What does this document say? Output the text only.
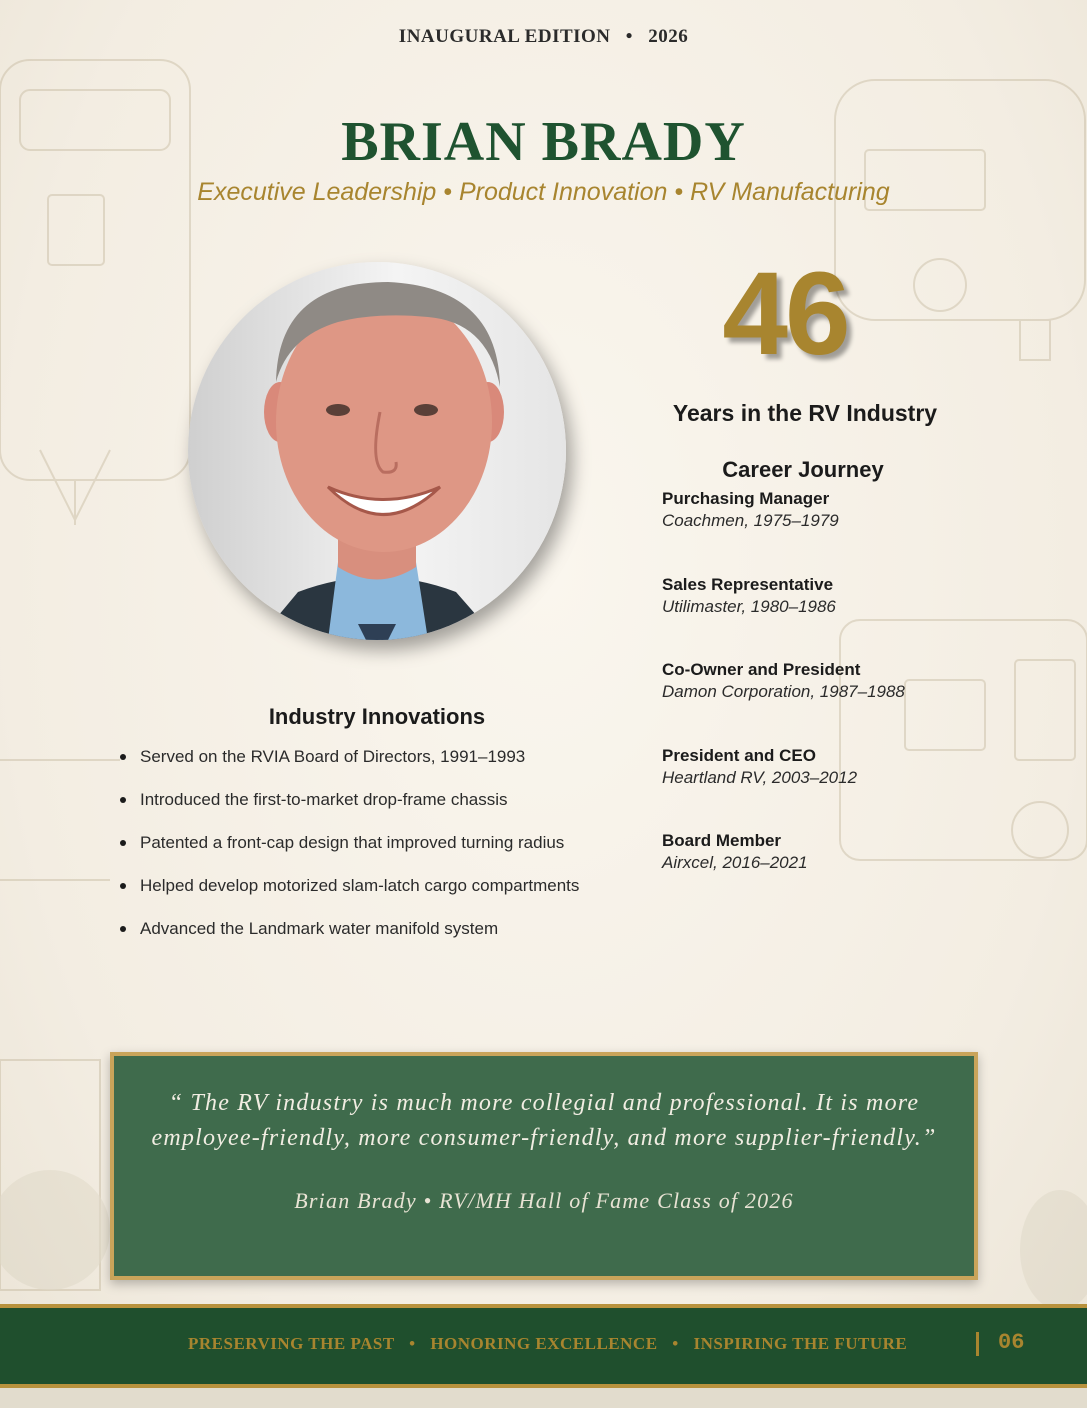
INAUGURAL EDITION • 2026
BRIAN BRADY
Executive Leadership • Product Innovation • RV Manufacturing
46
Years in the RV Industry
Career Journey
Purchasing Manager
Coachmen, 1975–1979
Sales Representative
Utilimaster, 1980–1986
Co-Owner and President
Damon Corporation, 1987–1988
President and CEO
Heartland RV, 2003–2012
Board Member
Airxcel, 2016–2021
Industry Innovations
Served on the RVIA Board of Directors, 1991–1993
Introduced the first-to-market drop-frame chassis
Patented a front-cap design that improved turning radius
Helped develop motorized slam-latch cargo compartments
Advanced the Landmark water manifold system
“ The RV industry is much more collegial and professional. It is more employee-friendly, more consumer-friendly, and more supplier-friendly.”
Brian Brady • RV/MH Hall of Fame Class of 2026
PRESERVING THE PAST • HONORING EXCELLENCE • INSPIRING THE FUTURE	06
